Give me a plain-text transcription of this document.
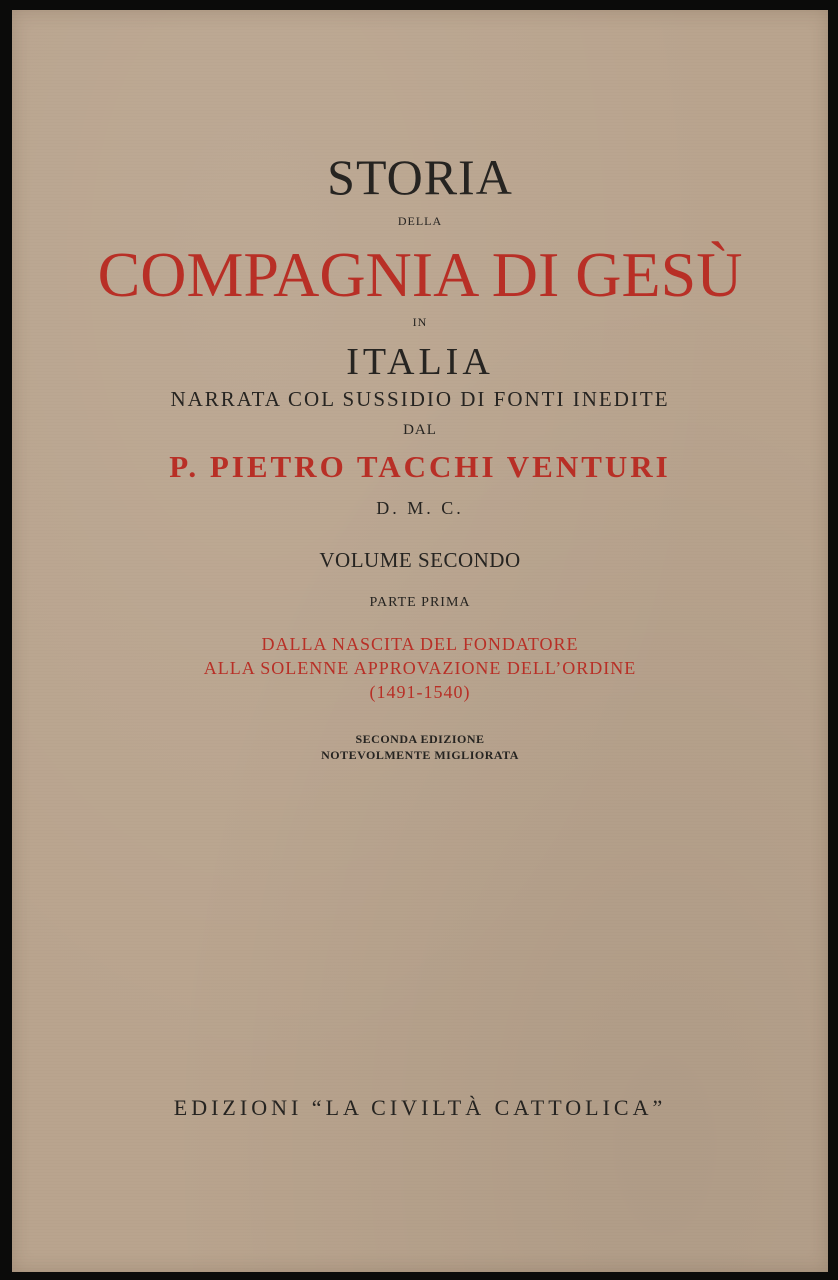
STORIA
DELLA
COMPAGNIA DI GESÙ
IN
ITALIA
NARRATA COL SUSSIDIO DI FONTI INEDITE
DAL
P. PIETRO TACCHI VENTURI
D. M. C.
VOLUME SECONDO
PARTE PRIMA
DALLA NASCITA DEL FONDATORE
ALLA SOLENNE APPROVAZIONE DELL’ORDINE
(1491-1540)
SECONDA EDIZIONE
NOTEVOLMENTE MIGLIORATA
EDIZIONI “LA CIVILTÀ CATTOLICA”
